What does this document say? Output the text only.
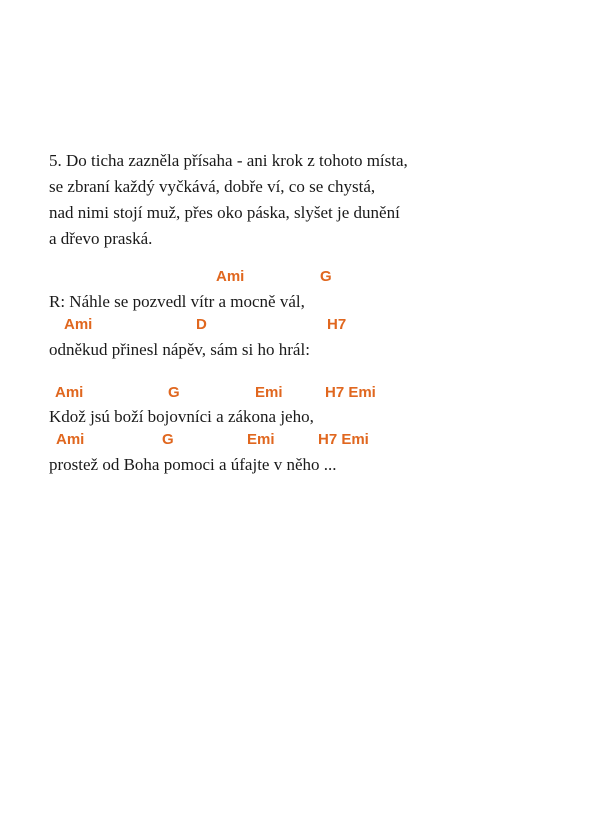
5. Do ticha zazněla přísaha - ani krok z tohoto místa,
se zbraní každý vyčkává, dobře ví, co se chystá,
nad nimi stojí muž, přes oko páska, slyšet je dunění
a dřevo praská.
Ami	G
R: Náhle se pozvedl vítr a mocně vál,
Ami	D	H7
odněkud přinesl nápěv, sám si ho hrál:
Ami	G	Emi	H7 Emi
Kdož jsú boží bojovníci a zákona jeho,
Ami	G	Emi	H7 Emi
prostež od Boha pomoci a úfajte v něho ...
